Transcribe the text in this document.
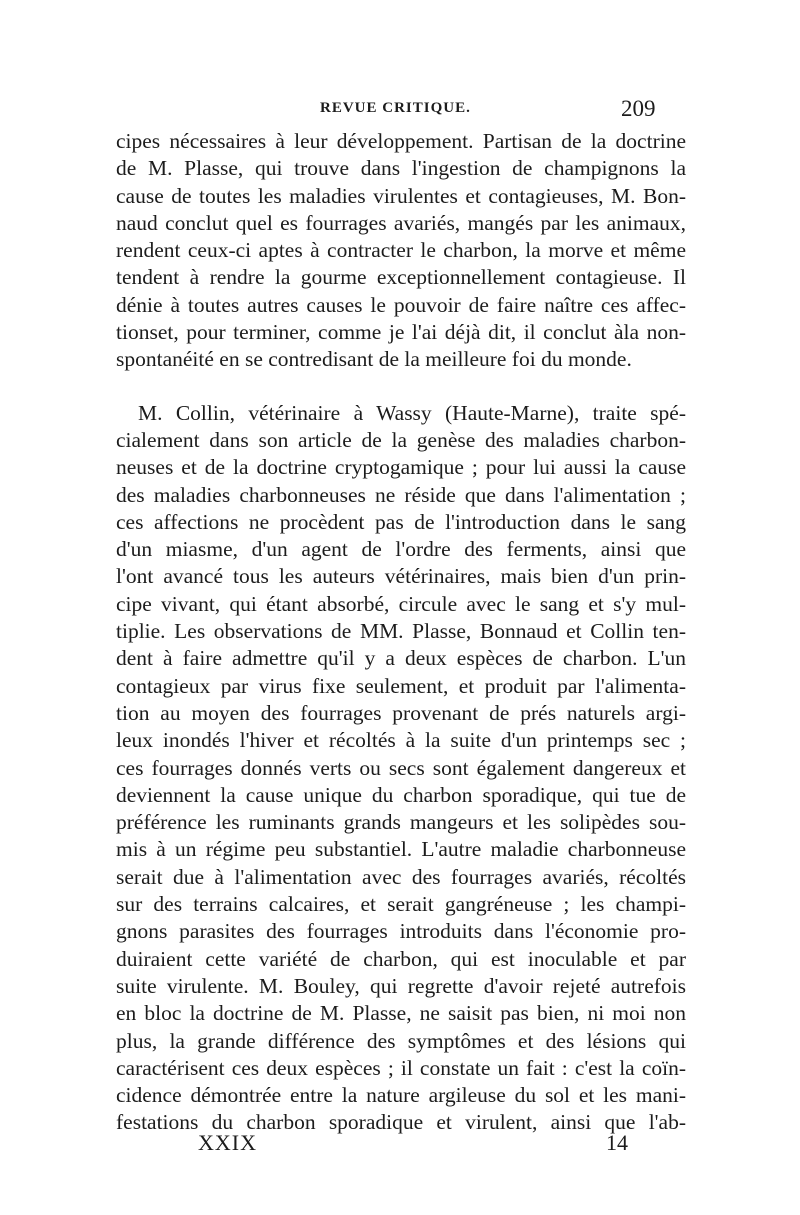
REVUE CRITIQUE.	209
cipes nécessaires à leur développement. Partisan de la doctrine
de M. Plasse, qui trouve dans l'ingestion de champignons la
cause de toutes les maladies virulentes et contagieuses, M. Bon-
naud conclut quel es fourrages avariés, mangés par les animaux,
rendent ceux-ci aptes à contracter le charbon, la morve et même
tendent à rendre la gourme exceptionnellement contagieuse. Il
dénie à toutes autres causes le pouvoir de faire naître ces affec-
tionset, pour terminer, comme je l'ai déjà dit, il conclut àla non-
spontanéité en se contredisant de la meilleure foi du monde.
M. Collin, vétérinaire à Wassy (Haute-Marne), traite spé-
cialement dans son article de la genèse des maladies charbon-
neuses et de la doctrine cryptogamique ; pour lui aussi la cause
des maladies charbonneuses ne réside que dans l'alimentation ;
ces affections ne procèdent pas de l'introduction dans le sang
d'un miasme, d'un agent de l'ordre des ferments, ainsi que
l'ont avancé tous les auteurs vétérinaires, mais bien d'un prin-
cipe vivant, qui étant absorbé, circule avec le sang et s'y mul-
tiplie. Les observations de MM. Plasse, Bonnaud et Collin ten-
dent à faire admettre qu'il y a deux espèces de charbon. L'un
contagieux par virus fixe seulement, et produit par l'alimenta-
tion au moyen des fourrages provenant de prés naturels argi-
leux inondés l'hiver et récoltés à la suite d'un printemps sec ;
ces fourrages donnés verts ou secs sont également dangereux et
deviennent la cause unique du charbon sporadique, qui tue de
préférence les ruminants grands mangeurs et les solipèdes sou-
mis à un régime peu substantiel. L'autre maladie charbonneuse
serait due à l'alimentation avec des fourrages avariés, récoltés
sur des terrains calcaires, et serait gangréneuse ; les champi-
gnons parasites des fourrages introduits dans l'économie pro-
duiraient cette variété de charbon, qui est inoculable et par
suite virulente. M. Bouley, qui regrette d'avoir rejeté autrefois
en bloc la doctrine de M. Plasse, ne saisit pas bien, ni moi non
plus, la grande différence des symptômes et des lésions qui
caractérisent ces deux espèces ; il constate un fait : c'est la coïn-
cidence démontrée entre la nature argileuse du sol et les mani-
festations du charbon sporadique et virulent, ainsi que l'ab-
XXIX	14
